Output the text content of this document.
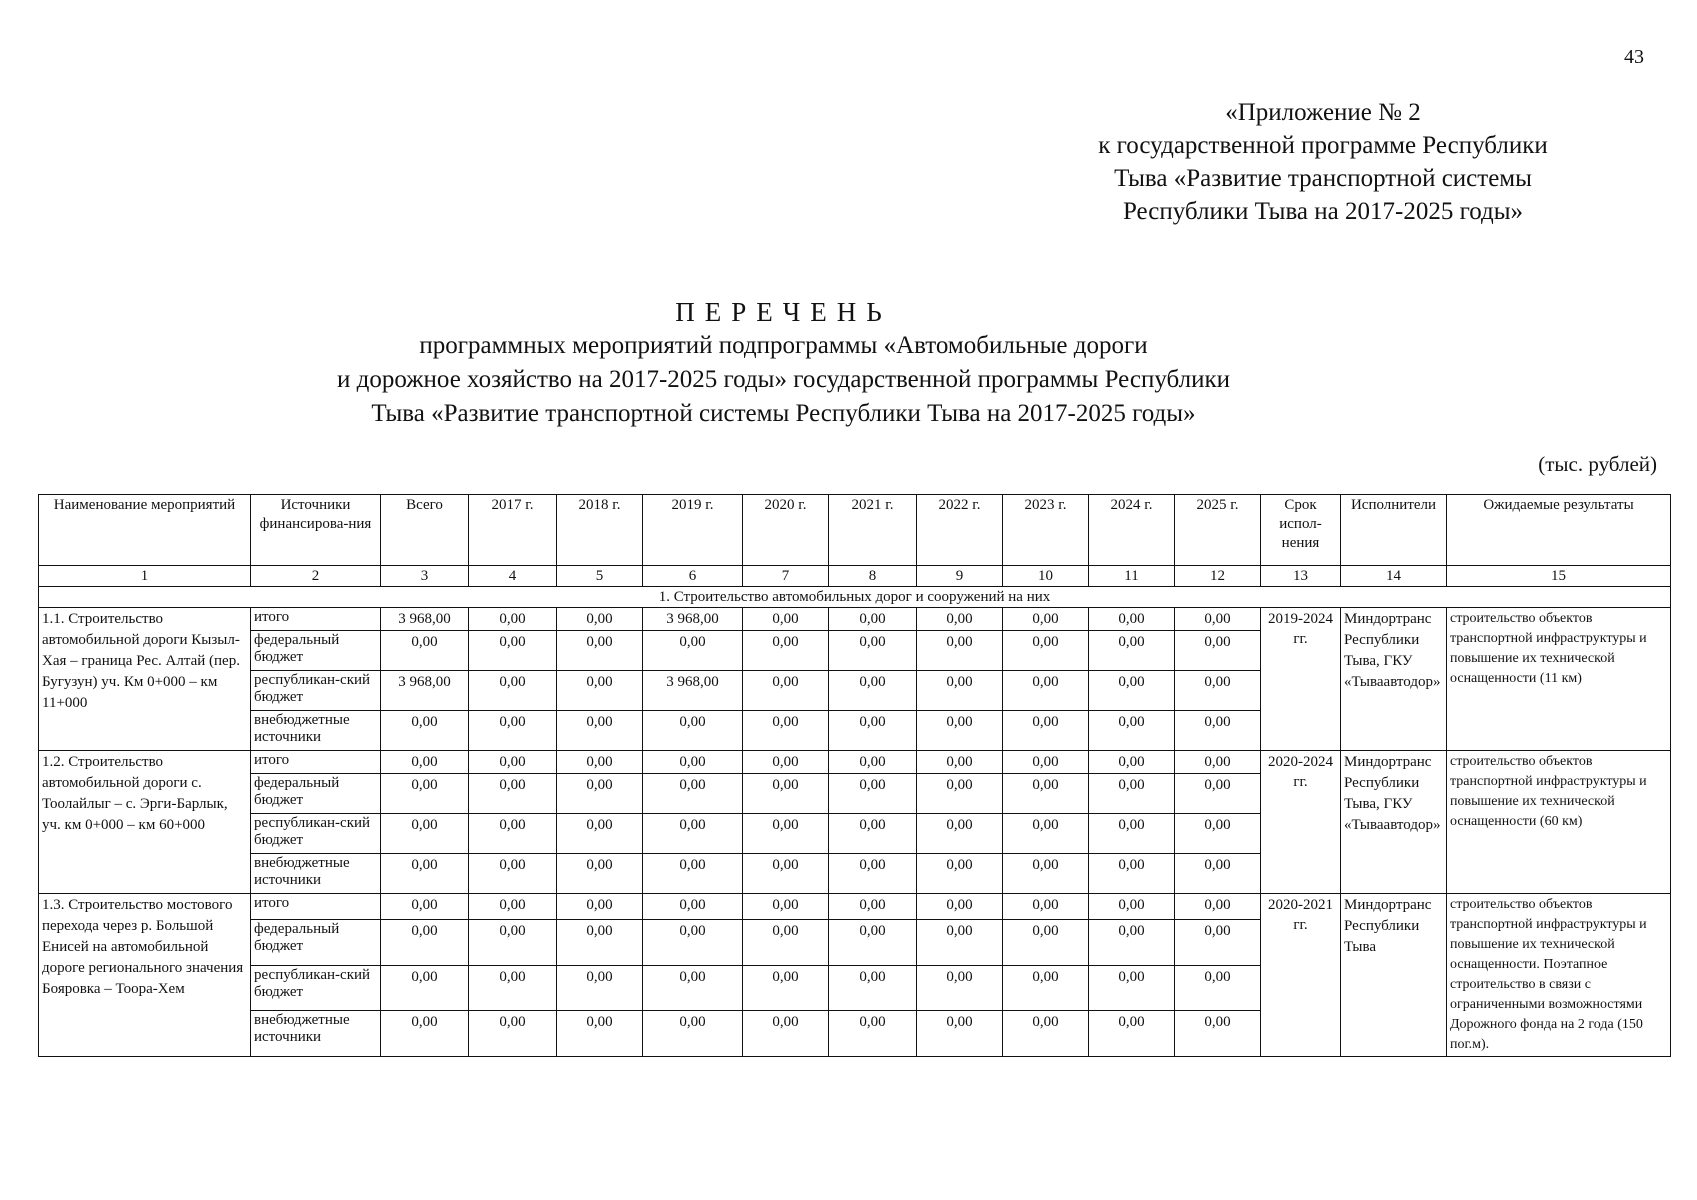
43
«Приложение № 2
к государственной программе Республики
Тыва «Развитие транспортной системы
Республики Тыва на 2017-2025 годы»
ПЕРЕЧЕНЬ
программных мероприятий подпрограммы «Автомобильные дороги
и дорожное хозяйство на 2017-2025 годы» государственной программы Республики
Тыва «Развитие транспортной системы Республики Тыва на 2017-2025 годы»
(тыс. рублей)
Наименование мероприятий	Источники финансирова-ния	Всего	2017 г.	2018 г.	2019 г.	2020 г.	2021 г.	2022 г.	2023 г.	2024 г.	2025 г.	Срок испол-нения	Исполнители	Ожидаемые результаты
1	2	3	4	5	6	7	8	9	10	11	12	13	14	15
1. Строительство автомобильных дорог и сооружений на них														
1.1. Строительство автомобильной дороги Кызыл-Хая – граница Рес. Алтай (пер. Бугузун) уч. Км 0+000 – км 11+000	итого	3 968,00	0,00	0,00	3 968,00	0,00	0,00	0,00	0,00	0,00	0,00	2019-2024 гг.	Миндортранс Республики Тыва, ГКУ «Тываавтодор»	строительство объектов транспортной инфраструктуры и повышение их технической оснащенности (11 км)
	федеральный бюджет	0,00	0,00	0,00	0,00	0,00	0,00	0,00	0,00	0,00	0,00			
	республикан-ский бюджет	3 968,00	0,00	0,00	3 968,00	0,00	0,00	0,00	0,00	0,00	0,00			
	внебюджетные источники	0,00	0,00	0,00	0,00	0,00	0,00	0,00	0,00	0,00	0,00			
1.2. Строительство автомобильной дороги с. Тоолайлыг – с. Эрги-Барлык, уч. км 0+000 – км 60+000	итого	0,00	0,00	0,00	0,00	0,00	0,00	0,00	0,00	0,00	0,00	2020-2024 гг.	Миндортранс Республики Тыва, ГКУ «Тываавтодор»	строительство объектов транспортной инфраструктуры и повышение их технической оснащенности (60 км)
	федеральный бюджет	0,00	0,00	0,00	0,00	0,00	0,00	0,00	0,00	0,00	0,00			
	республикан-ский бюджет	0,00	0,00	0,00	0,00	0,00	0,00	0,00	0,00	0,00	0,00			
	внебюджетные источники	0,00	0,00	0,00	0,00	0,00	0,00	0,00	0,00	0,00	0,00			
1.3. Строительство мостового перехода через р. Большой Енисей на автомобильной дороге регионального значения Бояровка – Тоора-Хем	итого	0,00	0,00	0,00	0,00	0,00	0,00	0,00	0,00	0,00	0,00	2020-2021 гг.	Миндортранс Республики Тыва	строительство объектов транспортной инфраструктуры и повышение их технической оснащенности. Поэтапное строительство в связи с ограниченными возможностями Дорожного фонда на 2 года (150 пог.м).
	федеральный бюджет	0,00	0,00	0,00	0,00	0,00	0,00	0,00	0,00	0,00	0,00			
	республикан-ский бюджет	0,00	0,00	0,00	0,00	0,00	0,00	0,00	0,00	0,00	0,00			
	внебюджетные источники	0,00	0,00	0,00	0,00	0,00	0,00	0,00	0,00	0,00	0,00			
